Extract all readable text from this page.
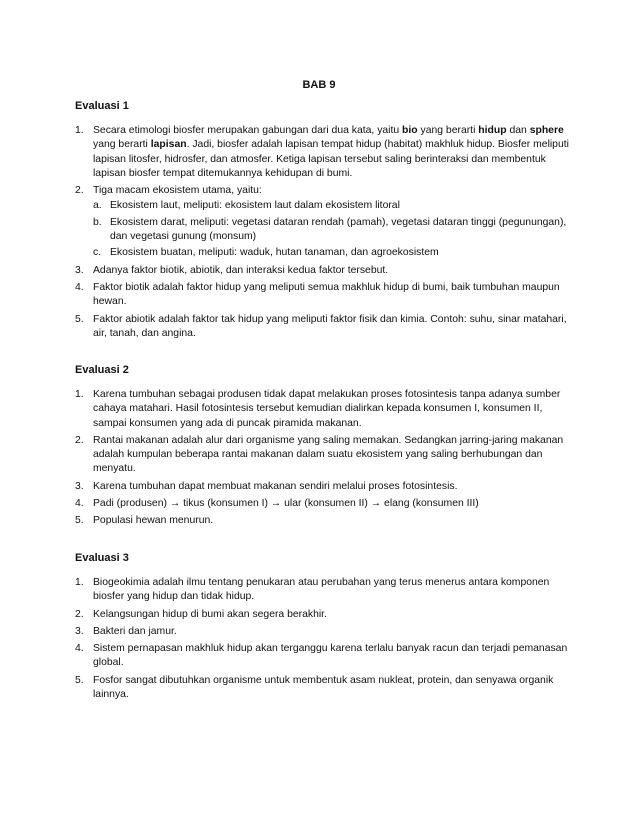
BAB 9
Evaluasi 1
1. Secara etimologi biosfer merupakan gabungan dari dua kata, yaitu bio yang berarti hidup dan sphere yang berarti lapisan. Jadi, biosfer adalah lapisan tempat hidup (habitat) makhluk hidup. Biosfer meliputi lapisan litosfer, hidrosfer, dan atmosfer. Ketiga lapisan tersebut saling berinteraksi dan membentuk lapisan biosfer tempat ditemukannya kehidupan di bumi.
2. Tiga macam ekosistem utama, yaitu:
a. Ekosistem laut, meliputi: ekosistem laut dalam ekosistem litoral
b. Ekosistem darat, meliputi: vegetasi dataran rendah (pamah), vegetasi dataran tinggi (pegunungan), dan vegetasi gunung (monsum)
c. Ekosistem buatan, meliputi: waduk, hutan tanaman, dan agroekosistem
3. Adanya faktor biotik, abiotik, dan interaksi kedua faktor tersebut.
4. Faktor biotik adalah faktor hidup yang meliputi semua makhluk hidup di bumi, baik tumbuhan maupun hewan.
5. Faktor abiotik adalah faktor tak hidup yang meliputi faktor fisik dan kimia. Contoh: suhu, sinar matahari, air, tanah, dan angina.
Evaluasi 2
1. Karena tumbuhan sebagai produsen tidak dapat melakukan proses fotosintesis tanpa adanya sumber cahaya matahari. Hasil fotosintesis tersebut kemudian dialirkan kepada konsumen I, konsumen II, sampai konsumen yang ada di puncak piramida makanan.
2. Rantai makanan adalah alur dari organisme yang saling memakan. Sedangkan jarring-jaring makanan adalah kumpulan beberapa rantai makanan dalam suatu ekosistem yang saling berhubungan dan menyatu.
3. Karena tumbuhan dapat membuat makanan sendiri melalui proses fotosintesis.
4. Padi (produsen) → tikus (konsumen I) → ular (konsumen II) → elang (konsumen III)
5. Populasi hewan menurun.
Evaluasi 3
1. Biogeokimia adalah ilmu tentang penukaran atau perubahan yang terus menerus antara komponen biosfer yang hidup dan tidak hidup.
2. Kelangsungan hidup di bumi akan segera berakhir.
3. Bakteri dan jamur.
4. Sistem pernapasan makhluk hidup akan terganggu karena terlalu banyak racun dan terjadi pemanasan global.
5. Fosfor sangat dibutuhkan organisme untuk membentuk asam nukleat, protein, dan senyawa organik lainnya.
